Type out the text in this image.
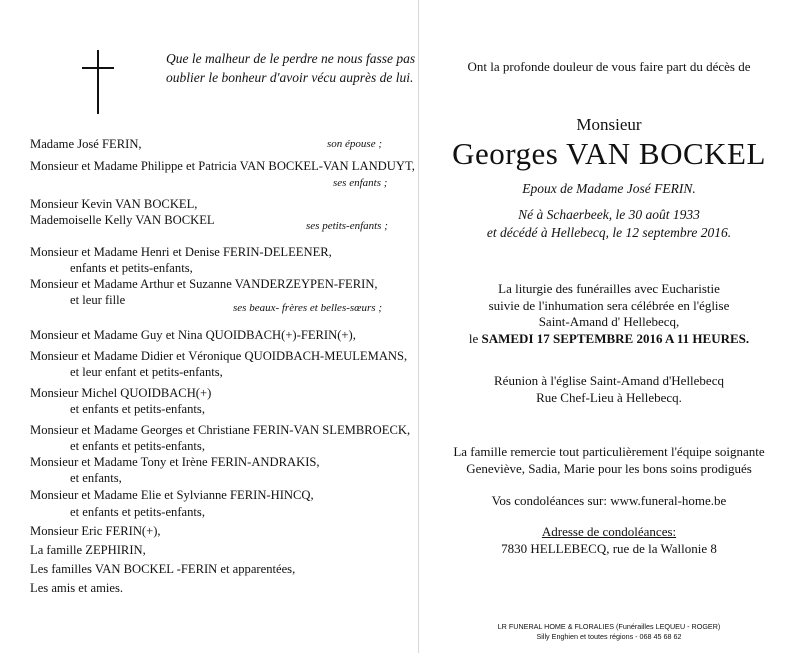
Que le malheur de le perdre ne nous fasse pas
oublier le bonheur d'avoir vécu auprès de lui.
Madame José FERIN,	son épouse ;
Monsieur et Madame Philippe et Patricia VAN BOCKEL-VAN LANDUYT,
ses enfants ;
Monsieur Kevin VAN BOCKEL,
Mademoiselle Kelly VAN BOCKEL	ses petits-enfants ;
Monsieur et Madame Henri et Denise FERIN-DELEENER,
enfants et petits-enfants,
Monsieur et Madame Arthur et Suzanne VANDERZEYPEN-FERIN,
et leur fille
ses beaux- frères et belles-sœurs ;
Monsieur et Madame Guy et Nina QUOIDBACH(+)-FERIN(+),
Monsieur et Madame Didier et Véronique QUOIDBACH-MEULEMANS,
et leur enfant et petits-enfants,
Monsieur Michel QUOIDBACH(+)
et enfants et petits-enfants,
Monsieur et Madame Georges et Christiane FERIN-VAN SLEMBROECK,
et enfants et petits-enfants,
Monsieur et Madame Tony et Irène FERIN-ANDRAKIS,
et enfants,
Monsieur et Madame Elie et Sylvianne FERIN-HINCQ,
et enfants et petits-enfants,
Monsieur Eric FERIN(+),
La famille ZEPHIRIN,
Les familles VAN BOCKEL -FERIN et apparentées,
Les amis et amies.
Ont la profonde douleur de vous faire part du décès de
Monsieur
Georges VAN BOCKEL
Epoux de Madame José FERIN.
Né à Schaerbeek, le 30 août 1933
et décédé à Hellebecq, le 12 septembre 2016.
La liturgie des funérailles avec Eucharistie
suivie de l'inhumation sera célébrée en l'église
Saint-Amand d' Hellebecq,
le SAMEDI 17 SEPTEMBRE 2016 A 11 HEURES.
Réunion à l'église Saint-Amand d'Hellebecq
Rue Chef-Lieu à Hellebecq.
La famille remercie tout particulièrement l'équipe soignante
Geneviève, Sadia, Marie pour les bons soins prodigués
Vos condoléances sur: www.funeral-home.be
Adresse de condoléances:
7830 HELLEBECQ, rue de la Wallonie 8
LR FUNERAL HOME & FLORALIES (Funérailles LEQUEU - ROGER)
Silly Enghien et toutes régions - 068 45 68 62
